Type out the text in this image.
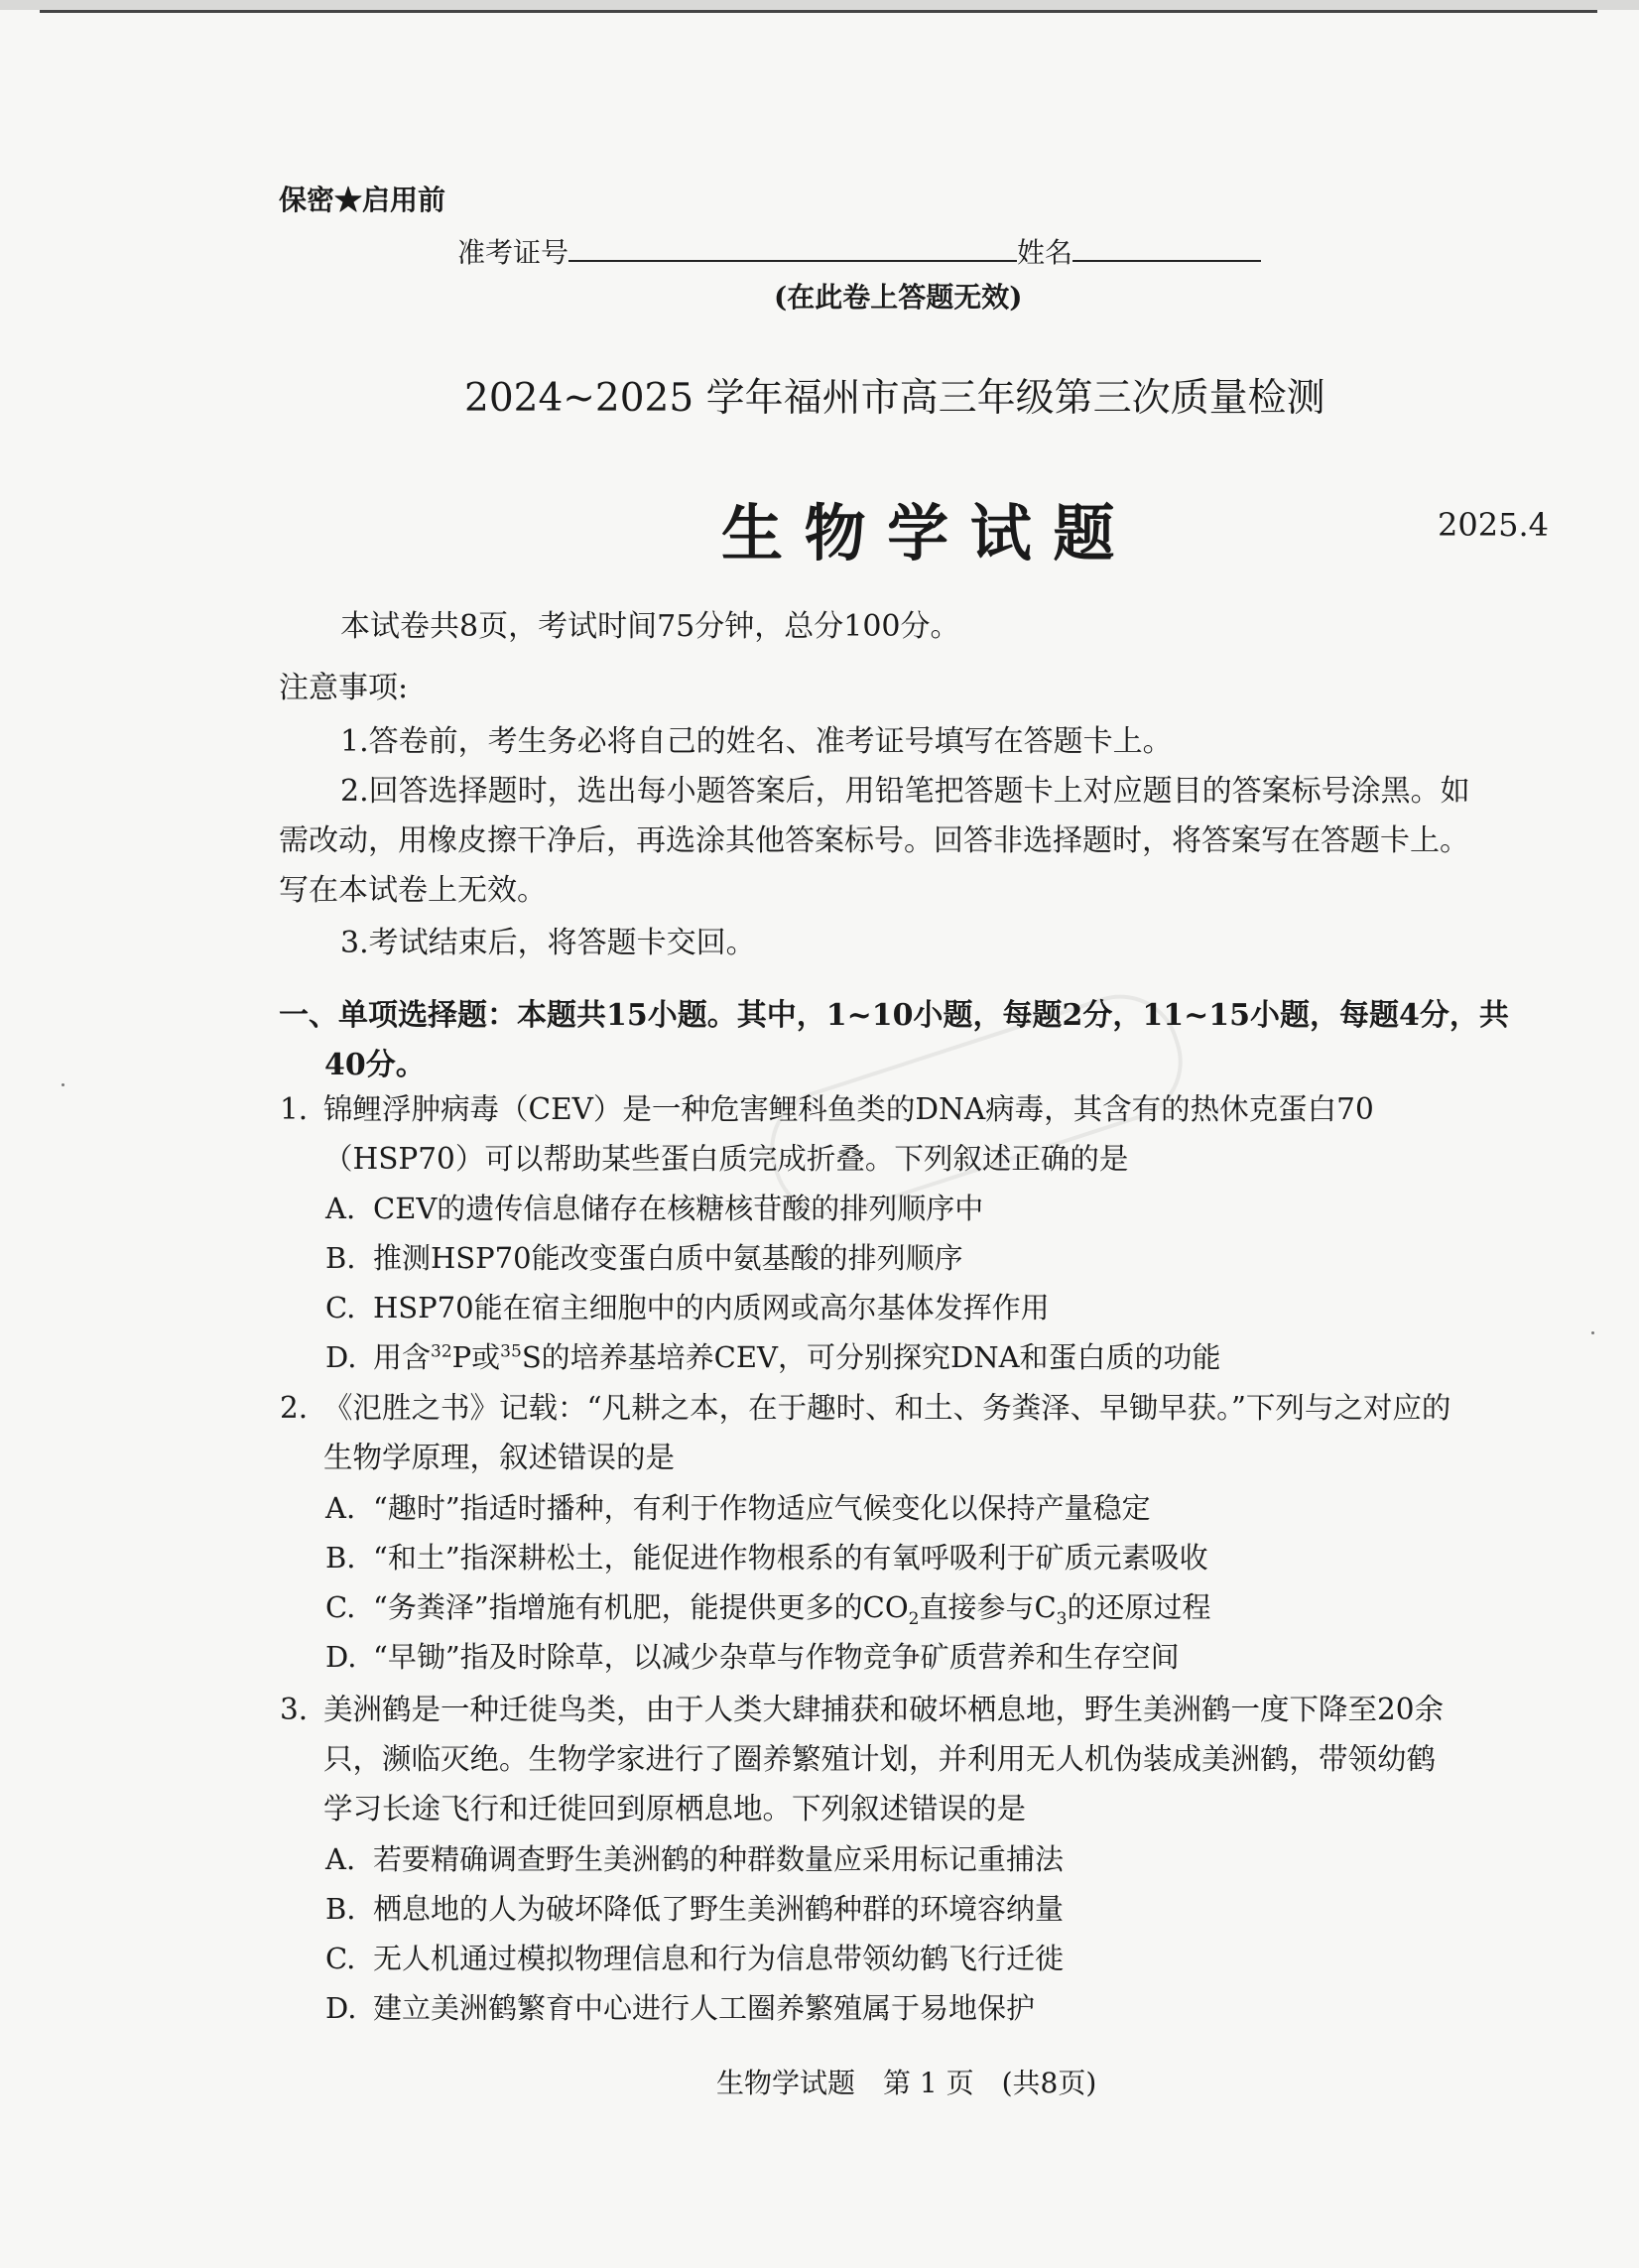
保密★启用前
准考证号	姓名
(在此卷上答题无效)
2024~2025 学年福州市高三年级第三次质量检测
生 物 学 试 题	2025.4
本试卷共8页，考试时间75分钟，总分100分。
注意事项:
1.答卷前，考生务必将自己的姓名、准考证号填写在答题卡上。
2.回答选择题时，选出每小题答案后，用铅笔把答题卡上对应题目的答案标号涂黑。如
需改动，用橡皮擦干净后，再选涂其他答案标号。回答非选择题时，将答案写在答题卡上。
写在本试卷上无效。
3.考试结束后，将答题卡交回。
一、单项选择题：本题共15小题。其中，1~10小题，每题2分，11~15小题，每题4分，共
40分。
1. 锦鲤浮肿病毒（CEV）是一种危害鲤科鱼类的DNA病毒，其含有的热休克蛋白70
（HSP70）可以帮助某些蛋白质完成折叠。下列叙述正确的是
A. CEV的遗传信息储存在核糖核苷酸的排列顺序中
B. 推测HSP70能改变蛋白质中氨基酸的排列顺序
C. HSP70能在宿主细胞中的内质网或高尔基体发挥作用
D. 用含$^{32}$P或$^{35}$S的培养基培养CEV，可分别探究DNA和蛋白质的功能
2. 《氾胜之书》记载：“凡耕之本，在于趣时、和土、务粪泽、早锄早获。”下列与之对应的
生物学原理，叙述错误的是
A. “趣时”指适时播种，有利于作物适应气候变化以保持产量稳定
B. “和土”指深耕松土，能促进作物根系的有氧呼吸利于矿质元素吸收
C. “务粪泽”指增施有机肥，能提供更多的$CO_2$直接参与$C_3$的还原过程
D. “早锄”指及时除草，以减少杂草与作物竞争矿质营养和生存空间
3. 美洲鹤是一种迁徙鸟类，由于人类大肆捕获和破坏栖息地，野生美洲鹤一度下降至20余
只，濒临灭绝。生物学家进行了圈养繁殖计划，并利用无人机伪装成美洲鹤，带领幼鹤
学习长途飞行和迁徙回到原栖息地。下列叙述错误的是
A. 若要精确调查野生美洲鹤的种群数量应采用标记重捕法
B. 栖息地的人为破坏降低了野生美洲鹤种群的环境容纳量
C. 无人机通过模拟物理信息和行为信息带领幼鹤飞行迁徙
D. 建立美洲鹤繁育中心进行人工圈养繁殖属于易地保护
生物学试题　第 1 页　(共8页)
